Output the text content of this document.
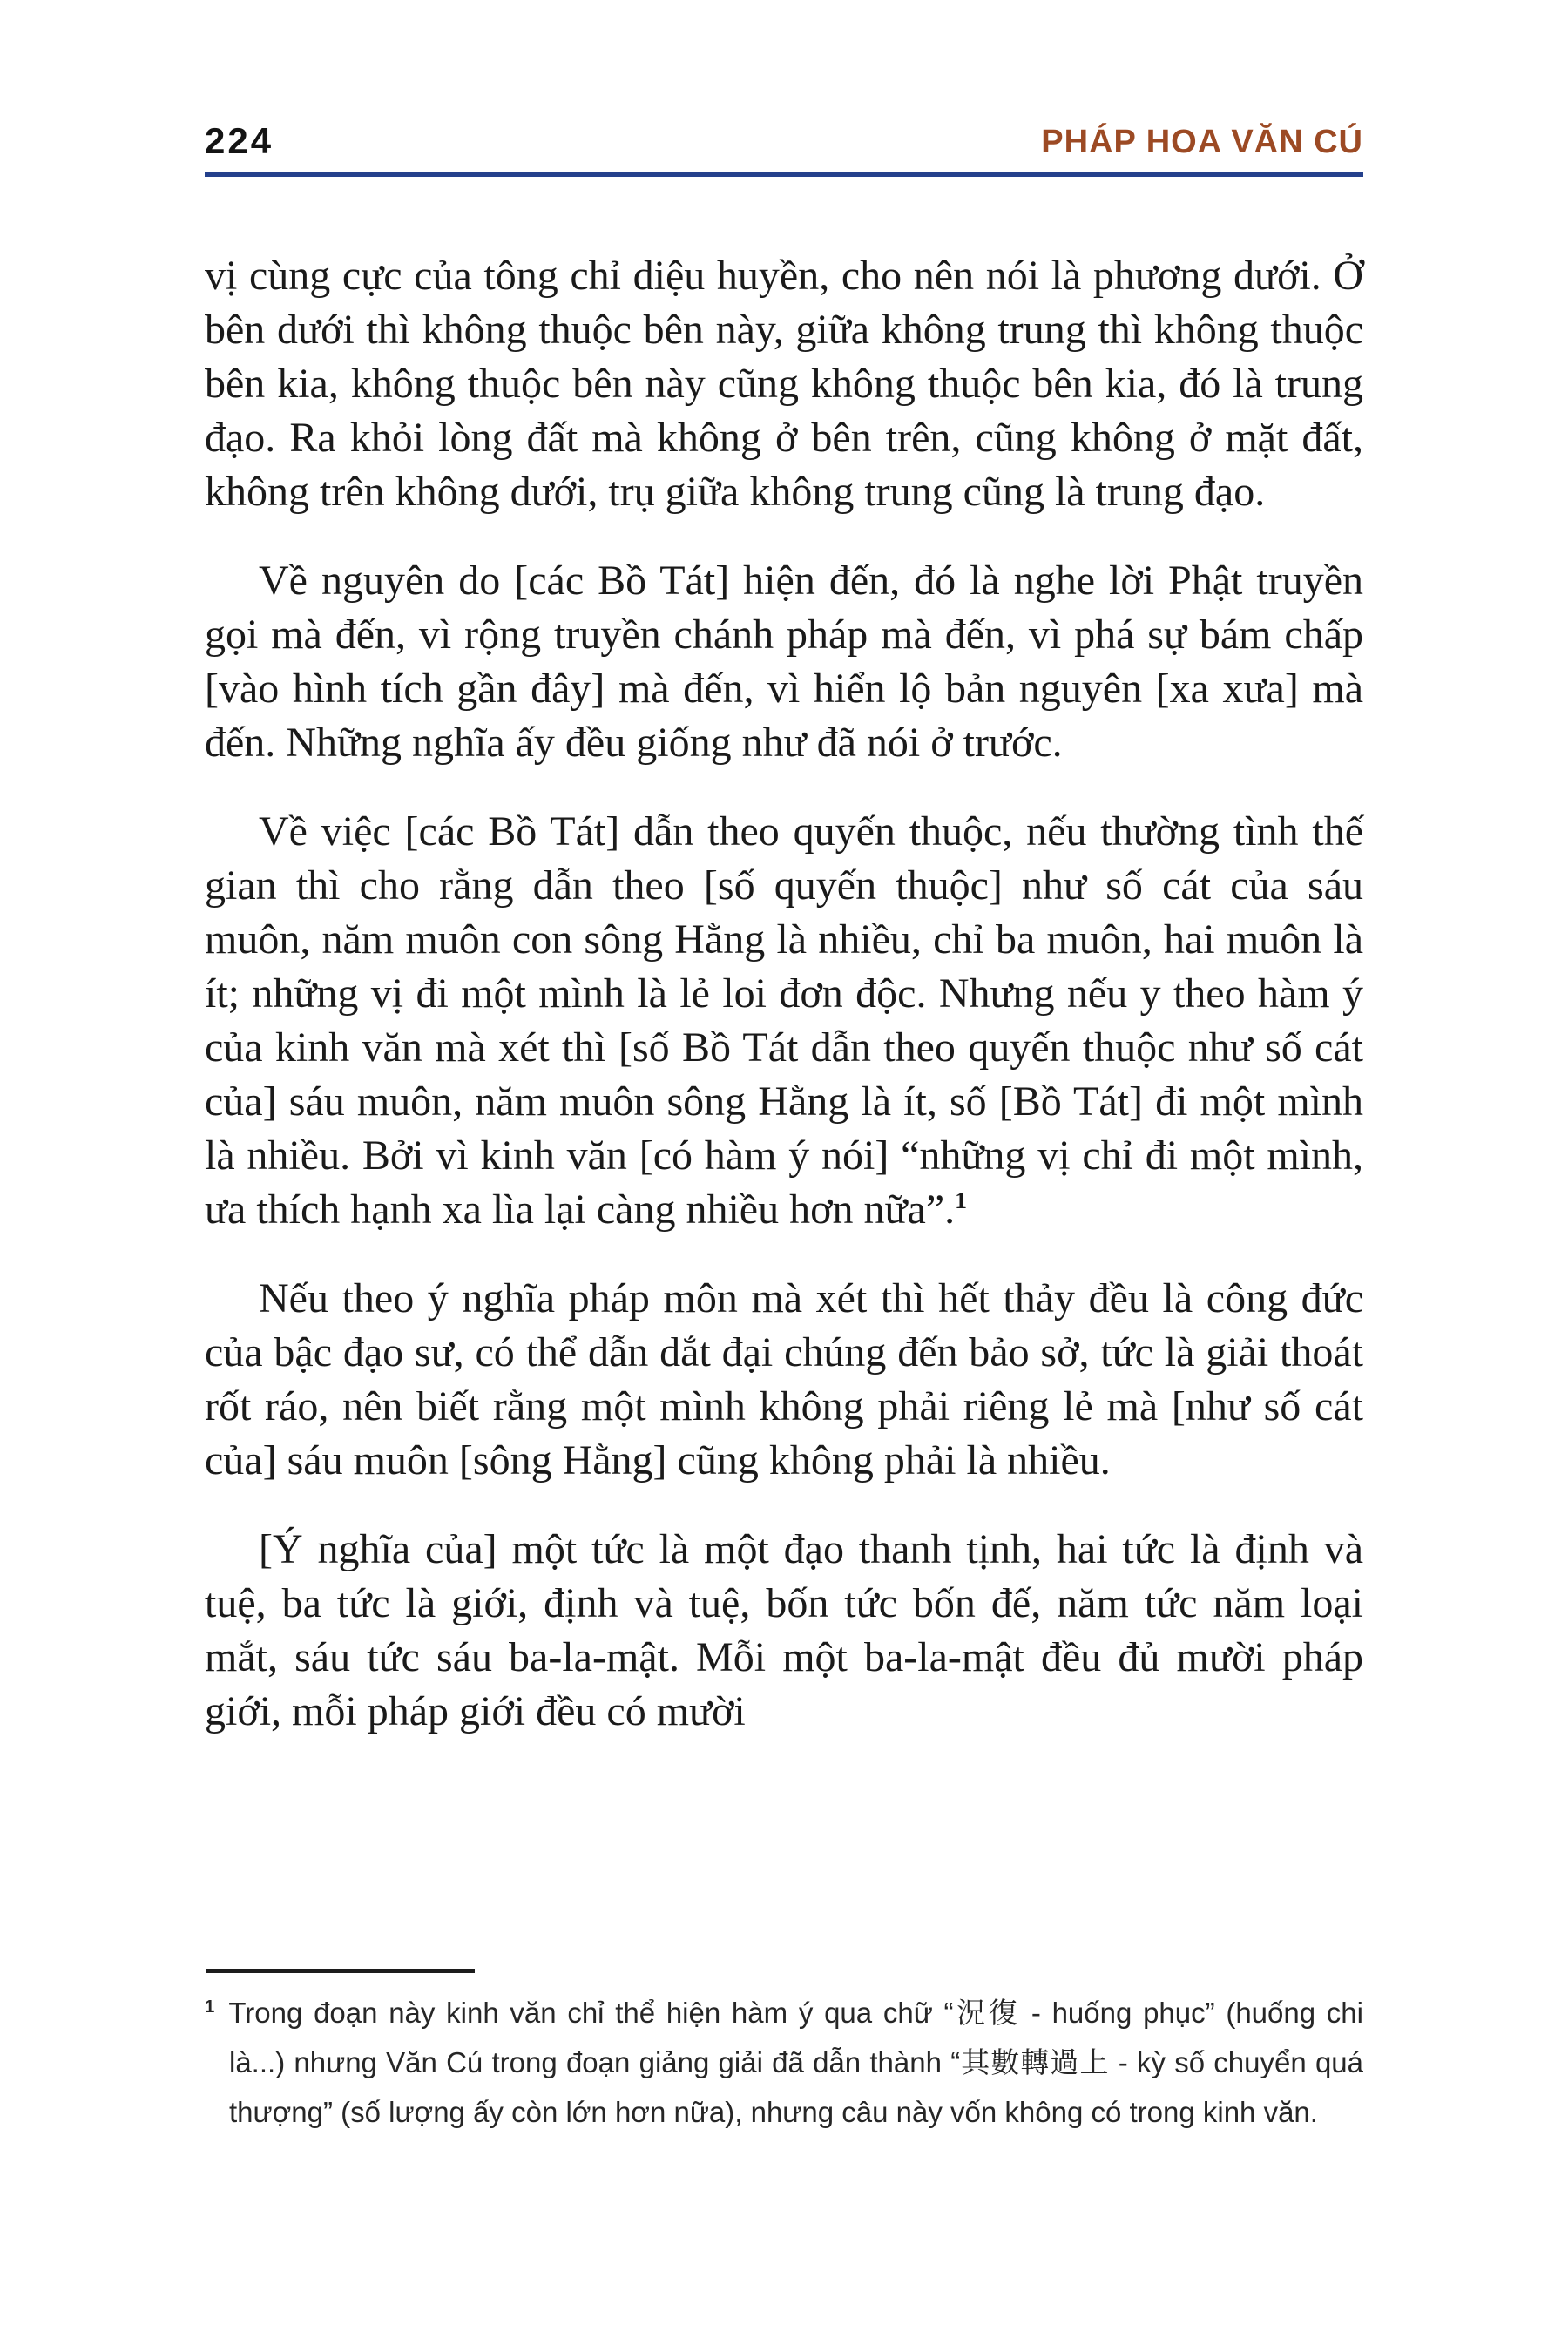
224	PHÁP HOA VĂN CÚ

vị cùng cực của tông chỉ diệu huyền, cho nên nói là phương dưới. Ở bên dưới thì không thuộc bên này, giữa không trung thì không thuộc bên kia, không thuộc bên này cũng không thuộc bên kia, đó là trung đạo. Ra khỏi lòng đất mà không ở bên trên, cũng không ở mặt đất, không trên không dưới, trụ giữa không trung cũng là trung đạo.

Về nguyên do [các Bồ Tát] hiện đến, đó là nghe lời Phật truyền gọi mà đến, vì rộng truyền chánh pháp mà đến, vì phá sự bám chấp [vào hình tích gần đây] mà đến, vì hiển lộ bản nguyên [xa xưa] mà đến. Những nghĩa ấy đều giống như đã nói ở trước.

Về việc [các Bồ Tát] dẫn theo quyến thuộc, nếu thường tình thế gian thì cho rằng dẫn theo [số quyến thuộc] như số cát của sáu muôn, năm muôn con sông Hằng là nhiều, chỉ ba muôn, hai muôn là ít; những vị đi một mình là lẻ loi đơn độc. Nhưng nếu y theo hàm ý của kinh văn mà xét thì [số Bồ Tát dẫn theo quyến thuộc như số cát của] sáu muôn, năm muôn sông Hằng là ít, số [Bồ Tát] đi một mình là nhiều. Bởi vì kinh văn [có hàm ý nói] “những vị chỉ đi một mình, ưa thích hạnh xa lìa lại càng nhiều hơn nữa”.$^1$

Nếu theo ý nghĩa pháp môn mà xét thì hết thảy đều là công đức của bậc đạo sư, có thể dẫn dắt đại chúng đến bảo sở, tức là giải thoát rốt ráo, nên biết rằng một mình không phải riêng lẻ mà [như số cát của] sáu muôn [sông Hằng] cũng không phải là nhiều.

[Ý nghĩa của] một tức là một đạo thanh tịnh, hai tức là định và tuệ, ba tức là giới, định và tuệ, bốn tức bốn đế, năm tức năm loại mắt, sáu tức sáu ba-la-mật. Mỗi một ba-la-mật đều đủ mười pháp giới, mỗi pháp giới đều có mười

$^1$ Trong đoạn này kinh văn chỉ thể hiện hàm ý qua chữ “況復 - huống phục” (huống chi là...) nhưng Văn Cú trong đoạn giảng giải đã dẫn thành “其數轉過上 - kỳ số chuyển quá thượng” (số lượng ấy còn lớn hơn nữa), nhưng câu này vốn không có trong kinh văn.
